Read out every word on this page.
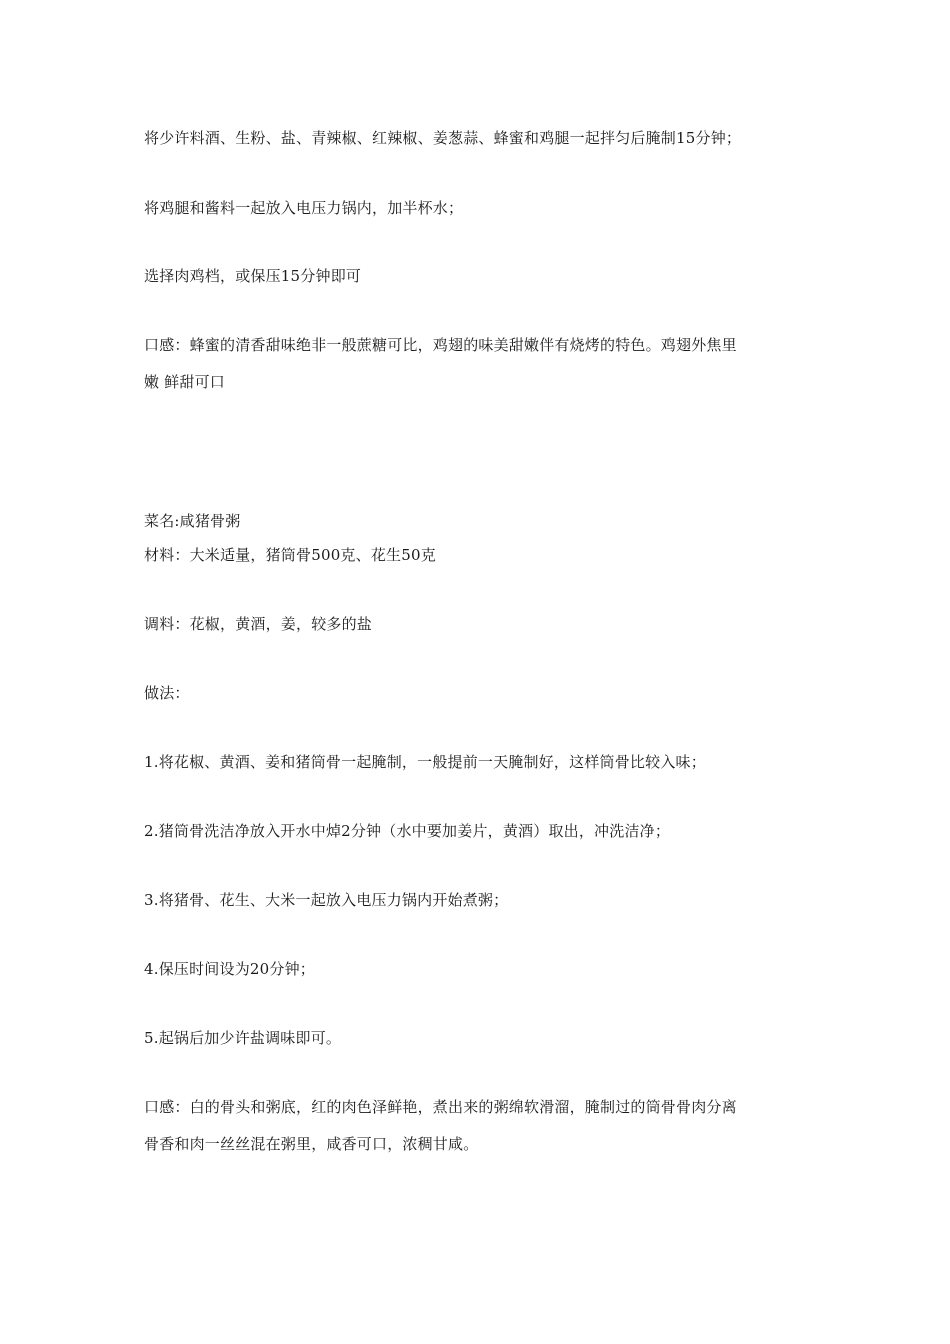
将少许料酒、生粉、盐、青辣椒、红辣椒、姜葱蒜、蜂蜜和鸡腿一起拌匀后腌制15分钟；
将鸡腿和酱料一起放入电压力锅内，加半杯水；
选择肉鸡档，或保压15分钟即可
口感：蜂蜜的清香甜味绝非一般蔗糖可比，鸡翅的味美甜嫩伴有烧烤的特色。鸡翅外焦里
嫩 鲜甜可口
菜名:咸猪骨粥
材料：大米适量，猪筒骨500克、花生50克
调料：花椒，黄酒，姜，较多的盐
做法：
1.将花椒、黄酒、姜和猪筒骨一起腌制，一般提前一天腌制好，这样筒骨比较入味；
2.猪筒骨洗洁净放入开水中焯2分钟（水中要加姜片，黄酒）取出，冲洗洁净；
3.将猪骨、花生、大米一起放入电压力锅内开始煮粥；
4.保压时间设为20分钟；
5.起锅后加少许盐调味即可。
口感：白的骨头和粥底，红的肉色泽鲜艳，煮出来的粥绵软滑溜，腌制过的筒骨骨肉分离
骨香和肉一丝丝混在粥里，咸香可口，浓稠甘咸。
